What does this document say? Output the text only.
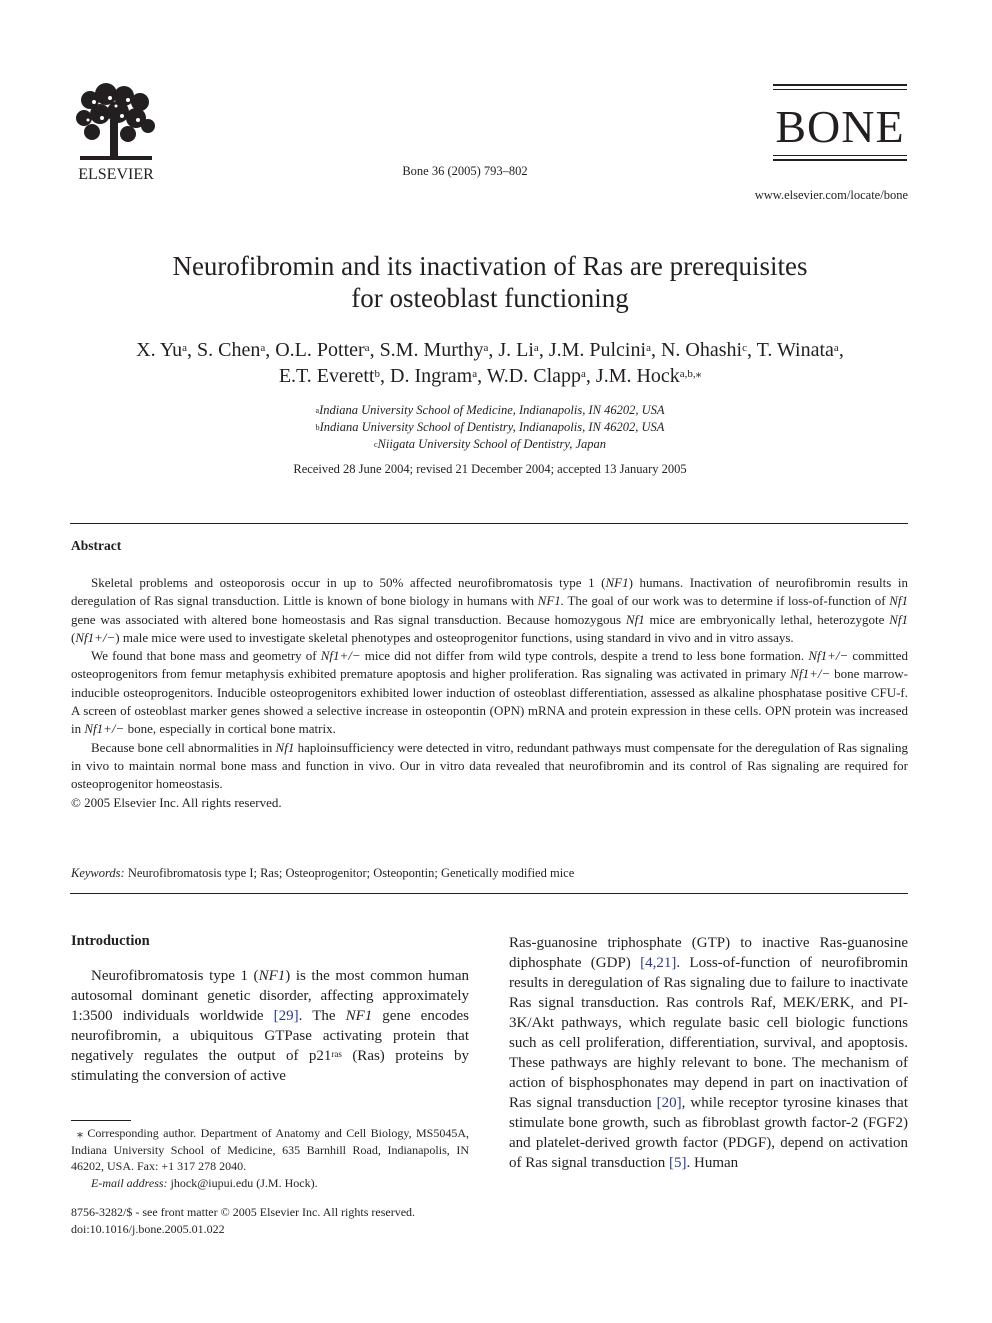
ELSEVIER	Bone 36 (2005) 793–802
BONE
www.elsevier.com/locate/bone
Neurofibromin and its inactivation of Ras are prerequisites
for osteoblast functioning
X. Yu$^a$, S. Chen$^a$, O.L. Potter$^a$, S.M. Murthy$^a$, J. Li$^a$, J.M. Pulcini$^a$, N. Ohashi$^c$, T. Winata$^a$,
E.T. Everett$^b$, D. Ingram$^a$, W.D. Clapp$^a$, J.M. Hock$^{a,b,⁎}$
$^a$Indiana University School of Medicine, Indianapolis, IN 46202, USA
$^b$Indiana University School of Dentistry, Indianapolis, IN 46202, USA
$^c$Niigata University School of Dentistry, Japan
Received 28 June 2004; revised 21 December 2004; accepted 13 January 2005
Abstract

Skeletal problems and osteoporosis occur in up to 50% affected neurofibromatosis type 1 (NF1) humans. Inactivation of neurofibromin results in deregulation of Ras signal transduction. Little is known of bone biology in humans with NF1. The goal of our work was to determine if loss-of-function of Nf1 gene was associated with altered bone homeostasis and Ras signal transduction. Because homozygous Nf1 mice are embryonically lethal, heterozygote Nf1 (Nf1+/−) male mice were used to investigate skeletal phenotypes and osteoprogenitor functions, using standard in vivo and in vitro assays.

We found that bone mass and geometry of Nf1+/− mice did not differ from wild type controls, despite a trend to less bone formation. Nf1+/− committed osteoprogenitors from femur metaphysis exhibited premature apoptosis and higher proliferation. Ras signaling was activated in primary Nf1+/− bone marrow-inducible osteoprogenitors. Inducible osteoprogenitors exhibited lower induction of osteoblast differentiation, assessed as alkaline phosphatase positive CFU-f. A screen of osteoblast marker genes showed a selective increase in osteopontin (OPN) mRNA and protein expression in these cells. OPN protein was increased in Nf1+/− bone, especially in cortical bone matrix.

Because bone cell abnormalities in Nf1 haploinsufficiency were detected in vitro, redundant pathways must compensate for the deregulation of Ras signaling in vivo to maintain normal bone mass and function in vivo. Our in vitro data revealed that neurofibromin and its control of Ras signaling are required for osteoprogenitor homeostasis.

© 2005 Elsevier Inc. All rights reserved.

Keywords: Neurofibromatosis type I; Ras; Osteoprogenitor; Osteopontin; Genetically modified mice
Introduction

Neurofibromatosis type 1 (NF1) is the most common human autosomal dominant genetic disorder, affecting approximately 1:3500 individuals worldwide [29]. The NF1 gene encodes neurofibromin, a ubiquitous GTPase activating protein that negatively regulates the output of $p21^{ras}$ (Ras) proteins by stimulating the conversion of active

Ras-guanosine triphosphate (GTP) to inactive Ras-guanosine diphosphate (GDP) [4,21]. Loss-of-function of neurofibromin results in deregulation of Ras signaling due to failure to inactivate Ras signal transduction. Ras controls Raf, MEK/ERK, and PI-3K/Akt pathways, which regulate basic cell biologic functions such as cell proliferation, differentiation, survival, and apoptosis. These pathways are highly relevant to bone. The mechanism of action of bisphosphonates may depend in part on inactivation of Ras signal transduction [20], while receptor tyrosine kinases that stimulate bone growth, such as fibroblast growth factor-2 (FGF2) and platelet-derived growth factor (PDGF), depend on activation of Ras signal transduction [5]. Human

⁎ Corresponding author. Department of Anatomy and Cell Biology, MS5045A, Indiana University School of Medicine, 635 Barnhill Road, Indianapolis, IN 46202, USA. Fax: +1 317 278 2040.

E-mail address: jhock@iupui.edu (J.M. Hock).

8756-3282/$ - see front matter © 2005 Elsevier Inc. All rights reserved.
doi:10.1016/j.bone.2005.01.022
